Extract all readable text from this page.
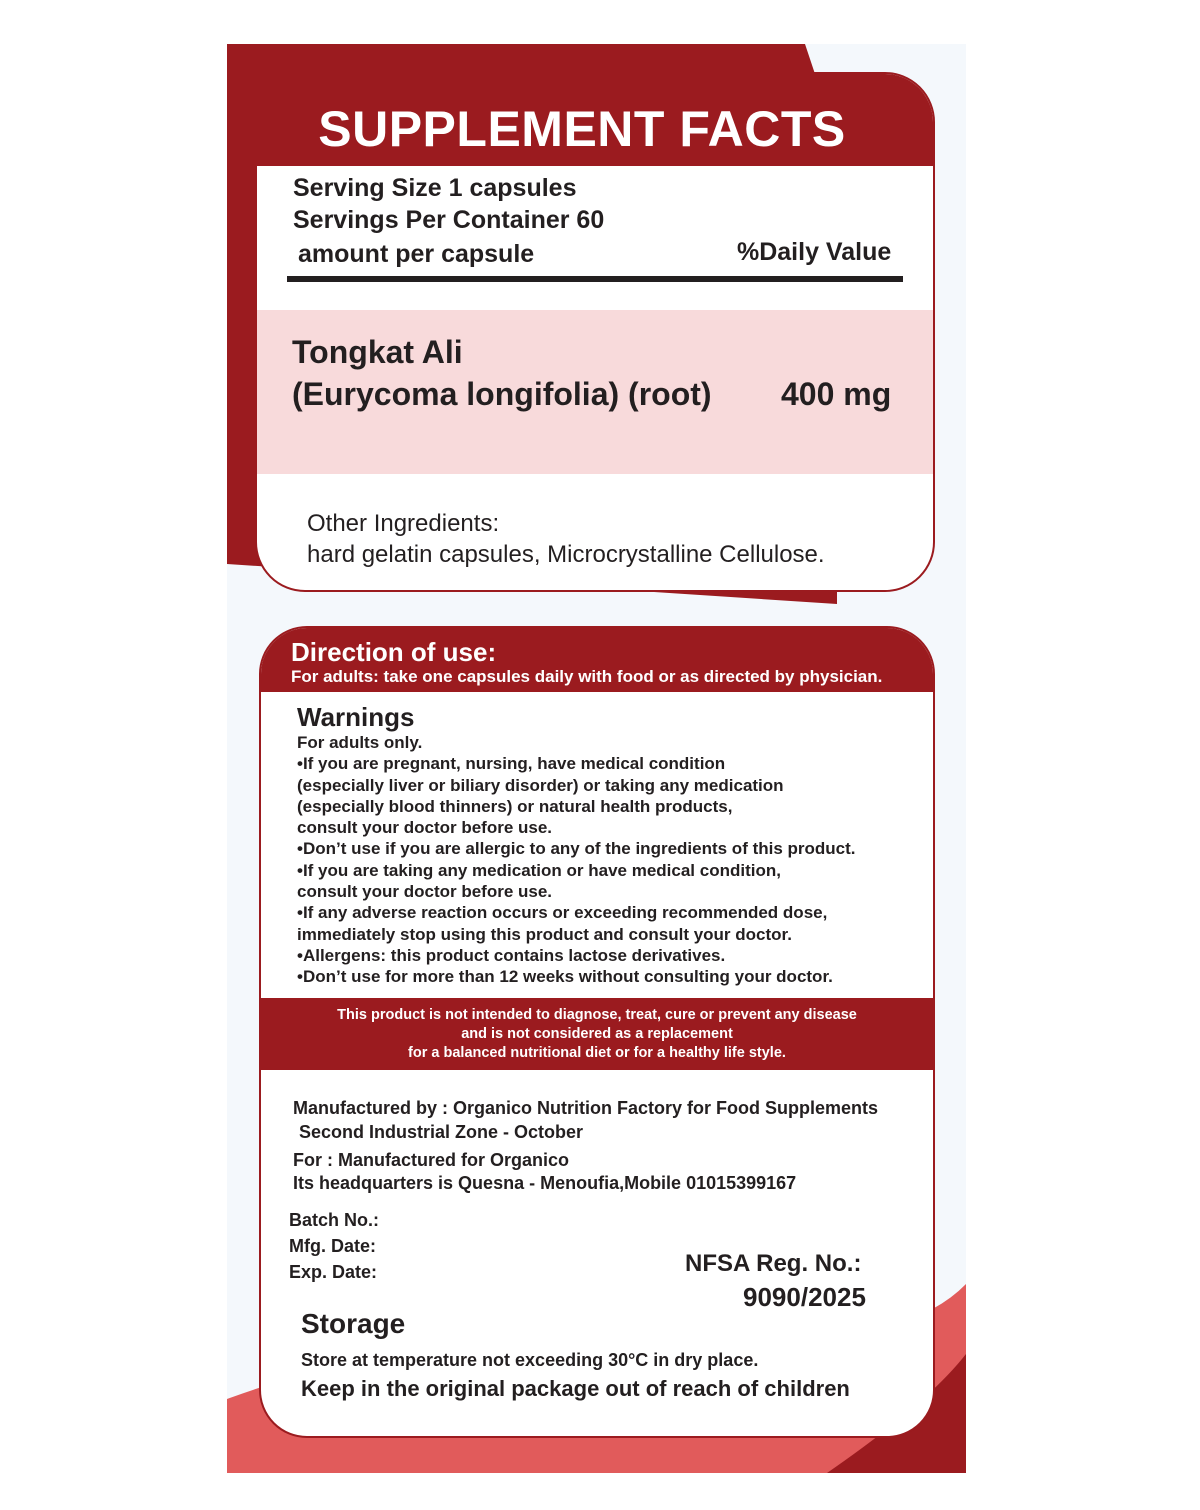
SUPPLEMENT FACTS
Serving Size 1 capsules
Servings Per Container 60
amount per capsule	%Daily Value
Tongkat Ali
(Eurycoma longifolia) (root) 400 mg
Other Ingredients:
hard gelatin capsules, Microcrystalline Cellulose.
Direction of use:
For adults: take one capsules daily with food or as directed by physician.
Warnings
For adults only.
•If you are pregnant, nursing, have medical condition
(especially liver or biliary disorder) or taking any medication
(especially blood thinners) or natural health products,
consult your doctor before use.
•Don’t use if you are allergic to any of the ingredients of this product.
•If you are taking any medication or have medical condition,
consult your doctor before use.
•If any adverse reaction occurs or exceeding recommended dose,
immediately stop using this product and consult your doctor.
•Allergens: this product contains lactose derivatives.
•Don’t use for more than 12 weeks without consulting your doctor.
This product is not intended to diagnose, treat, cure or prevent any disease
and is not considered as a replacement
for a balanced nutritional diet or for a healthy life style.
Manufactured by : Organico Nutrition Factory for Food Supplements
Second Industrial Zone - October
For : Manufactured for Organico
Its headquarters is Quesna - Menoufia,Mobile 01015399167
Batch No.:
Mfg. Date:
Exp. Date:	NFSA Reg. No.:
9090/2025
Storage
Store at temperature not exceeding 30°C in dry place.
Keep in the original package out of reach of children
